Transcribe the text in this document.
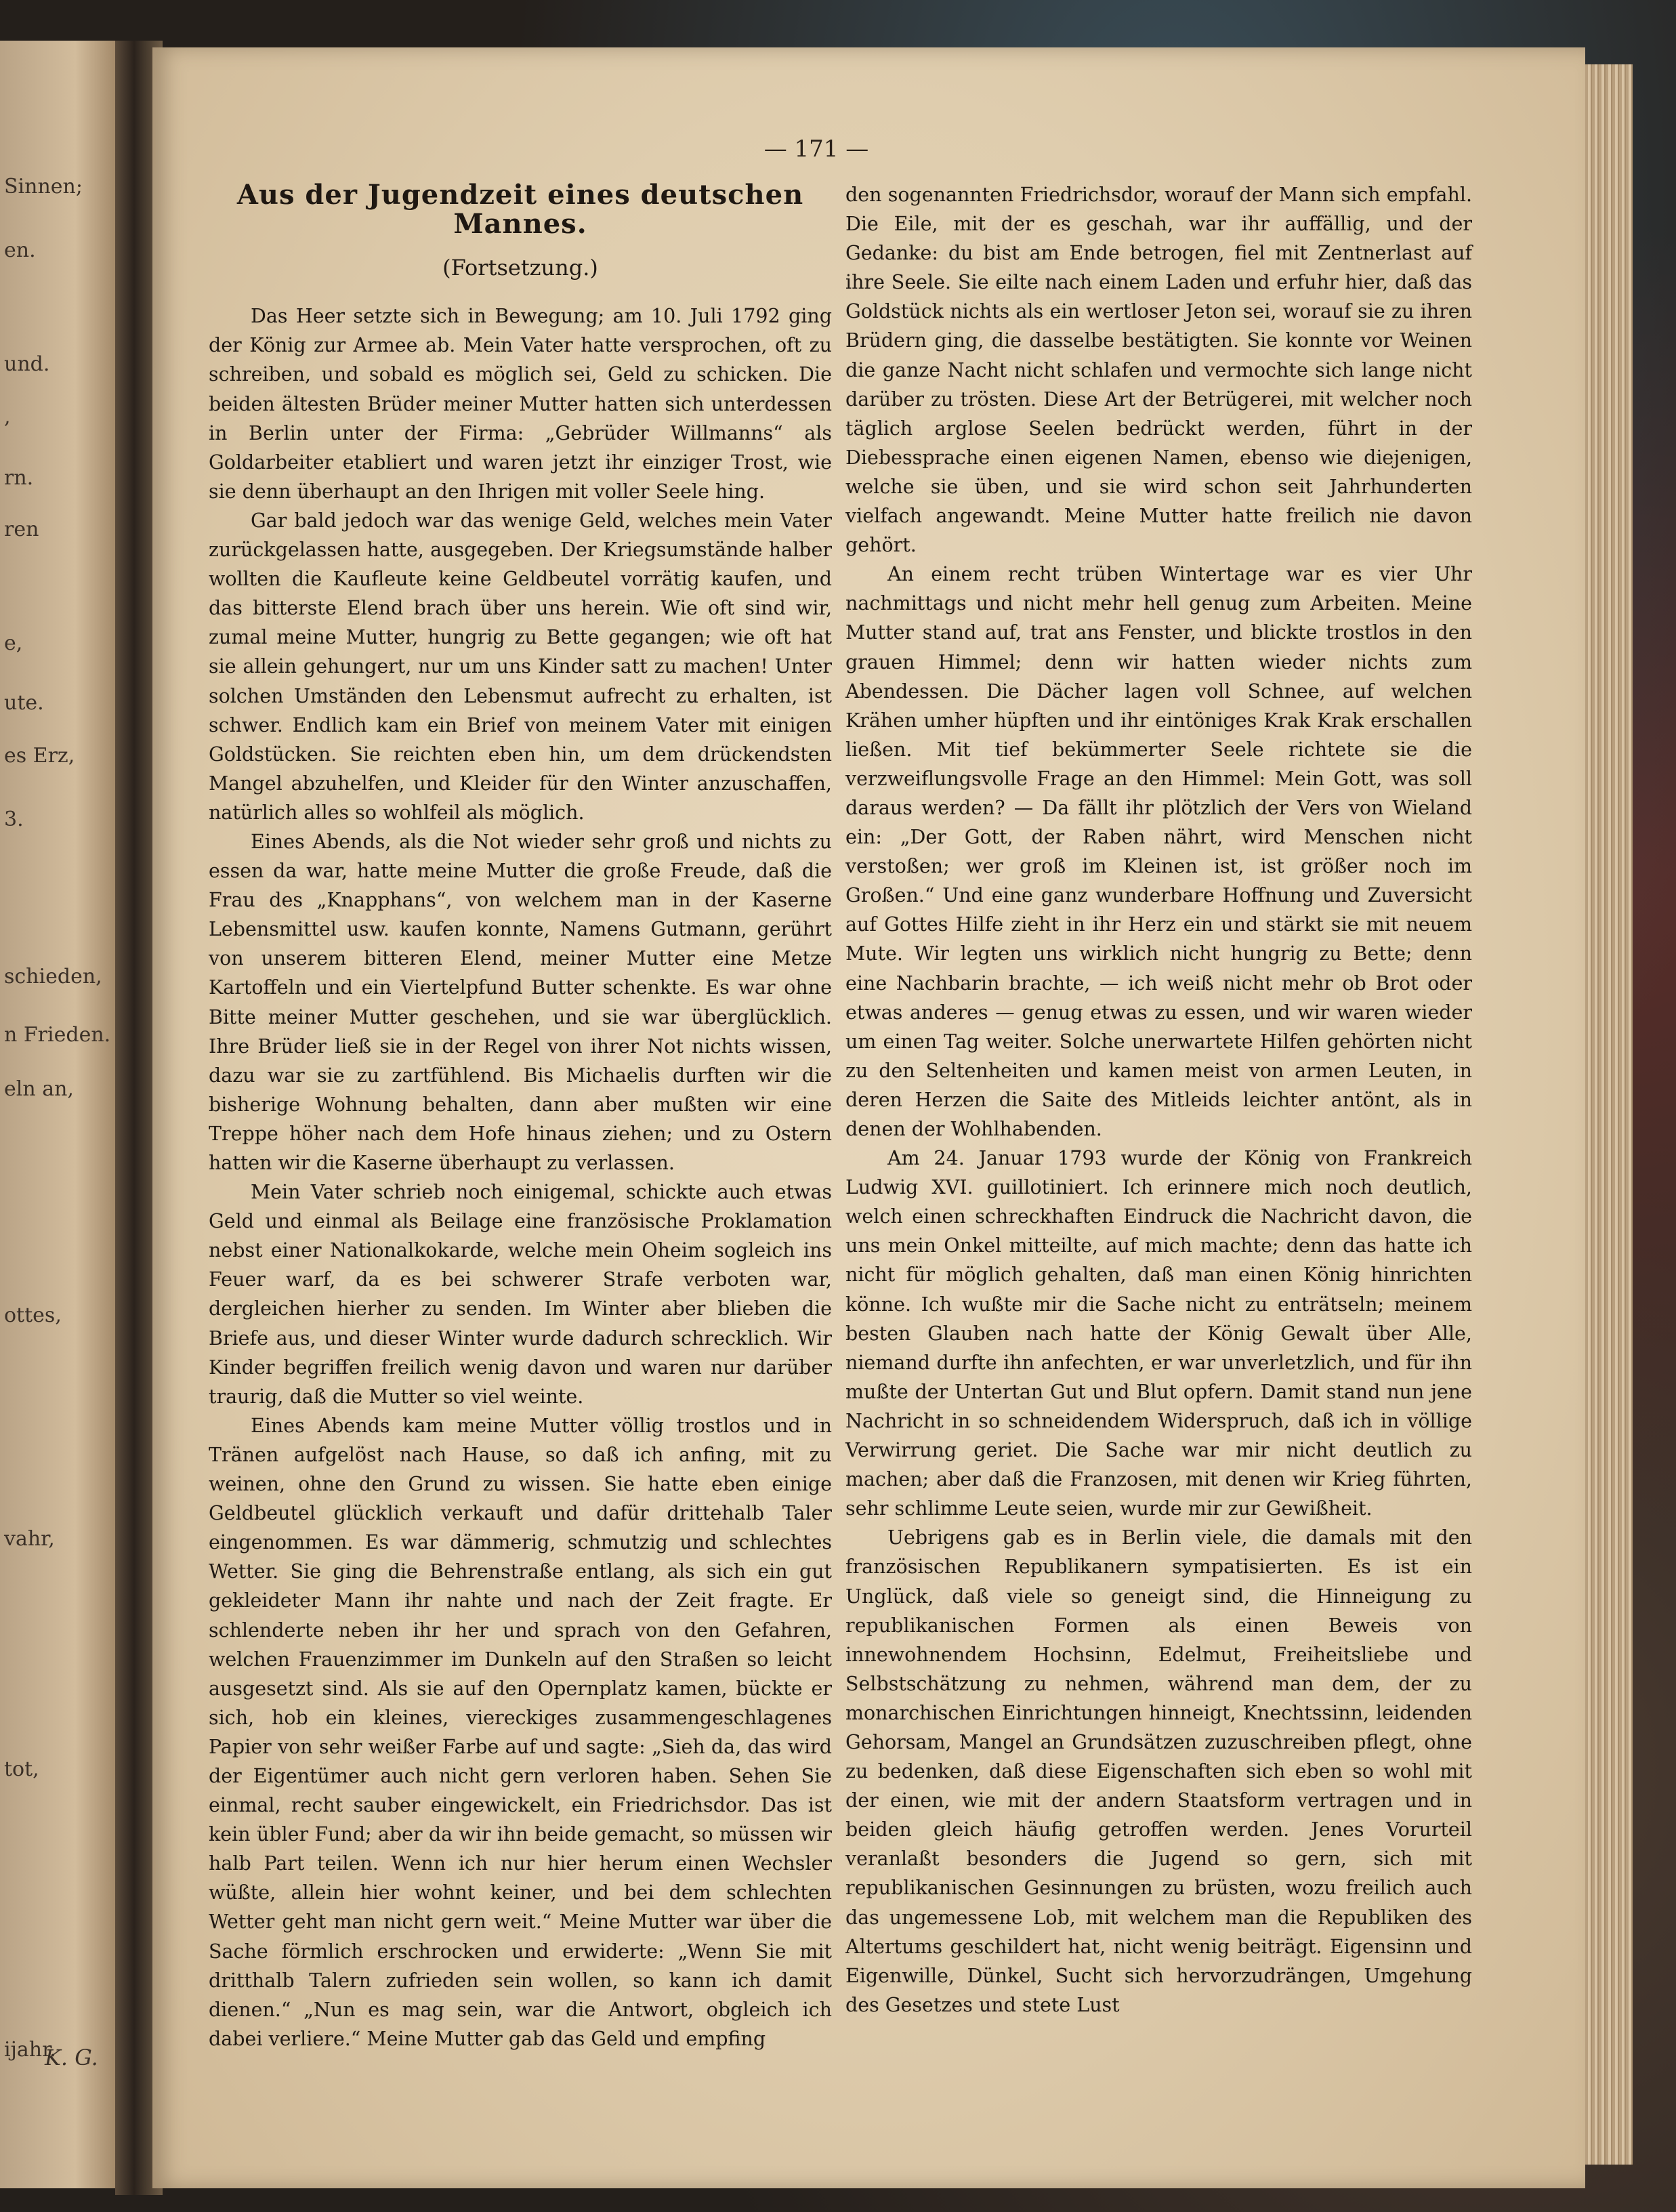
Sinnen;
en.
und.
,
rn.
ren
e,
ute.
es Erz,
3.
schieden,
n Frieden.
eln an,
ottes,
vahr,
tot,
ijahr.
K. G.
— 171 —

Aus der Jugendzeit eines deutschen Mannes.

(Fortsetzung.)

Das Heer setzte sich in Bewegung; am 10. Juli 1792 ging der König zur Armee ab. Mein Vater hatte versprochen, oft zu schreiben, und sobald es möglich sei, Geld zu schicken. Die beiden ältesten Brüder meiner Mutter hatten sich unterdessen in Berlin unter der Firma: „Gebrüder Willmanns“ als Goldarbeiter etabliert und waren jetzt ihr einziger Trost, wie sie denn überhaupt an den Ihrigen mit voller Seele hing.

Gar bald jedoch war das wenige Geld, welches mein Vater zurückgelassen hatte, ausgegeben. Der Kriegsumstände halber wollten die Kaufleute keine Geldbeutel vorrätig kaufen, und das bitterste Elend brach über uns herein. Wie oft sind wir, zumal meine Mutter, hungrig zu Bette gegangen; wie oft hat sie allein gehungert, nur um uns Kinder satt zu machen! Unter solchen Umständen den Lebensmut aufrecht zu erhalten, ist schwer. Endlich kam ein Brief von meinem Vater mit einigen Goldstücken. Sie reichten eben hin, um dem drückendsten Mangel abzuhelfen, und Kleider für den Winter anzuschaffen, natürlich alles so wohlfeil als möglich.

Eines Abends, als die Not wieder sehr groß und nichts zu essen da war, hatte meine Mutter die große Freude, daß die Frau des „Knapphans“, von welchem man in der Kaserne Lebensmittel usw. kaufen konnte, Namens Gutmann, gerührt von unserem bitteren Elend, meiner Mutter eine Metze Kartoffeln und ein Viertelpfund Butter schenkte. Es war ohne Bitte meiner Mutter geschehen, und sie war überglücklich. Ihre Brüder ließ sie in der Regel von ihrer Not nichts wissen, dazu war sie zu zartfühlend. Bis Michaelis durften wir die bisherige Wohnung behalten, dann aber mußten wir eine Treppe höher nach dem Hofe hinaus ziehen; und zu Ostern hatten wir die Kaserne überhaupt zu verlassen.

Mein Vater schrieb noch einigemal, schickte auch etwas Geld und einmal als Beilage eine französische Proklamation nebst einer Nationalkokarde, welche mein Oheim sogleich ins Feuer warf, da es bei schwerer Strafe verboten war, dergleichen hierher zu senden. Im Winter aber blieben die Briefe aus, und dieser Winter wurde dadurch schrecklich. Wir Kinder begriffen freilich wenig davon und waren nur darüber traurig, daß die Mutter so viel weinte.

Eines Abends kam meine Mutter völlig trostlos und in Tränen aufgelöst nach Hause, so daß ich anfing, mit zu weinen, ohne den Grund zu wissen. Sie hatte eben einige Geldbeutel glücklich verkauft und dafür drittehalb Taler eingenommen. Es war dämmerig, schmutzig und schlechtes Wetter. Sie ging die Behrenstraße entlang, als sich ein gut gekleideter Mann ihr nahte und nach der Zeit fragte. Er schlenderte neben ihr her und sprach von den Gefahren, welchen Frauenzimmer im Dunkeln auf den Straßen so leicht ausgesetzt sind. Als sie auf den Opernplatz kamen, bückte er sich, hob ein kleines, viereckiges zusammengeschlagenes Papier von sehr weißer Farbe auf und sagte: „Sieh da, das wird der Eigentümer auch nicht gern verloren haben. Sehen Sie einmal, recht sauber eingewickelt, ein Friedrichsdor. Das ist kein übler Fund; aber da wir ihn beide gemacht, so müssen wir halb Part teilen. Wenn ich nur hier herum einen Wechsler wüßte, allein hier wohnt keiner, und bei dem schlechten Wetter geht man nicht gern weit.“ Meine Mutter war über die Sache förmlich erschrocken und erwiderte: „Wenn Sie mit dritthalb Talern zufrieden sein wollen, so kann ich damit dienen.“ „Nun es mag sein, war die Antwort, obgleich ich dabei verliere.“ Meine Mutter gab das Geld und empfing

den sogenannten Friedrichsdor, worauf der Mann sich empfahl. Die Eile, mit der es geschah, war ihr auffällig, und der Gedanke: du bist am Ende betrogen, fiel mit Zentnerlast auf ihre Seele. Sie eilte nach einem Laden und erfuhr hier, daß das Goldstück nichts als ein wertloser Jeton sei, worauf sie zu ihren Brüdern ging, die dasselbe bestätigten. Sie konnte vor Weinen die ganze Nacht nicht schlafen und vermochte sich lange nicht darüber zu trösten. Diese Art der Betrügerei, mit welcher noch täglich arglose Seelen bedrückt werden, führt in der Diebessprache einen eigenen Namen, ebenso wie diejenigen, welche sie üben, und sie wird schon seit Jahrhunderten vielfach angewandt. Meine Mutter hatte freilich nie davon gehört.

An einem recht trüben Wintertage war es vier Uhr nachmittags und nicht mehr hell genug zum Arbeiten. Meine Mutter stand auf, trat ans Fenster, und blickte trostlos in den grauen Himmel; denn wir hatten wieder nichts zum Abendessen. Die Dächer lagen voll Schnee, auf welchen Krähen umher hüpften und ihr eintöniges Krak Krak erschallen ließen. Mit tief bekümmerter Seele richtete sie die verzweiflungsvolle Frage an den Himmel: Mein Gott, was soll daraus werden? — Da fällt ihr plötzlich der Vers von Wieland ein: „Der Gott, der Raben nährt, wird Menschen nicht verstoßen; wer groß im Kleinen ist, ist größer noch im Großen.“ Und eine ganz wunderbare Hoffnung und Zuversicht auf Gottes Hilfe zieht in ihr Herz ein und stärkt sie mit neuem Mute. Wir legten uns wirklich nicht hungrig zu Bette; denn eine Nachbarin brachte, — ich weiß nicht mehr ob Brot oder etwas anderes — genug etwas zu essen, und wir waren wieder um einen Tag weiter. Solche unerwartete Hilfen gehörten nicht zu den Seltenheiten und kamen meist von armen Leuten, in deren Herzen die Saite des Mitleids leichter antönt, als in denen der Wohlhabenden.

Am 24. Januar 1793 wurde der König von Frankreich Ludwig XVI. guillotiniert. Ich erinnere mich noch deutlich, welch einen schreckhaften Eindruck die Nachricht davon, die uns mein Onkel mitteilte, auf mich machte; denn das hatte ich nicht für möglich gehalten, daß man einen König hinrichten könne. Ich wußte mir die Sache nicht zu enträtseln; meinem besten Glauben nach hatte der König Gewalt über Alle, niemand durfte ihn anfechten, er war unverletzlich, und für ihn mußte der Untertan Gut und Blut opfern. Damit stand nun jene Nachricht in so schneidendem Widerspruch, daß ich in völlige Verwirrung geriet. Die Sache war mir nicht deutlich zu machen; aber daß die Franzosen, mit denen wir Krieg führten, sehr schlimme Leute seien, wurde mir zur Gewißheit.

Uebrigens gab es in Berlin viele, die damals mit den französischen Republikanern sympatisierten. Es ist ein Unglück, daß viele so geneigt sind, die Hinneigung zu republikanischen Formen als einen Beweis von innewohnendem Hochsinn, Edelmut, Freiheitsliebe und Selbstschätzung zu nehmen, während man dem, der zu monarchischen Einrichtungen hinneigt, Knechtssinn, leidenden Gehorsam, Mangel an Grundsätzen zuzuschreiben pflegt, ohne zu bedenken, daß diese Eigenschaften sich eben so wohl mit der einen, wie mit der andern Staatsform vertragen und in beiden gleich häufig getroffen werden. Jenes Vorurteil veranlaßt besonders die Jugend so gern, sich mit republikanischen Gesinnungen zu brüsten, wozu freilich auch das ungemessene Lob, mit welchem man die Republiken des Altertums geschildert hat, nicht wenig beiträgt. Eigensinn und Eigenwille, Dünkel, Sucht sich hervorzudrängen, Umgehung des Gesetzes und stete Lust
